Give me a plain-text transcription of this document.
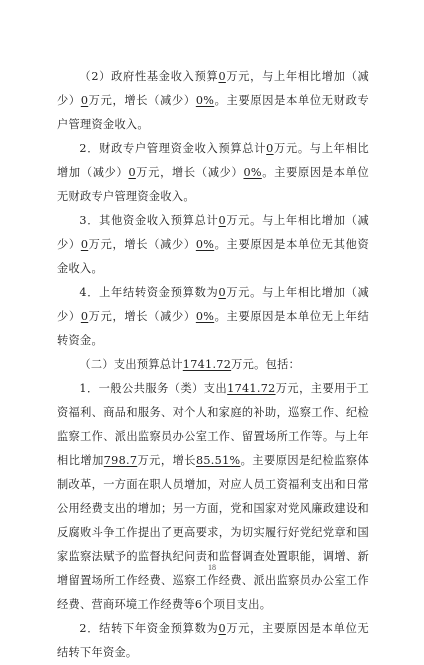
（2）政府性基金收入预算0万元，与上年相比增加（减少）0万元，增长（减少）0%。主要原因是本单位无财政专户管理资金收入。

2．财政专户管理资金收入预算总计0万元。与上年相比增加（减少）0万元，增长（减少）0%。主要原因是本单位无财政专户管理资金收入。

3．其他资金收入预算总计0万元。与上年相比增加（减少）0万元，增长（减少）0%。主要原因是本单位无其他资金收入。

4．上年结转资金预算数为0万元。与上年相比增加（减少）0万元，增长（减少）0%。主要原因是本单位无上年结转资金。

（二）支出预算总计1741.72万元。包括：

1．一般公共服务（类）支出1741.72万元，主要用于工资福利、商品和服务、对个人和家庭的补助，巡察工作、纪检监察工作、派出监察员办公室工作、留置场所工作等。与上年相比增加798.7万元，增长85.51%。主要原因是纪检监察体制改革，一方面在职人员增加，对应人员工资福利支出和日常公用经费支出的增加；另一方面，党和国家对党风廉政建设和反腐败斗争工作提出了更高要求，为切实履行好党纪党章和国家监察法赋予的监督执纪问责和监督调查处置职能，调增、新增留置场所工作经费、巡察工作经费、派出监察员办公室工作经费、营商环境工作经费等6个项目支出。

2．结转下年资金预算数为0万元，主要原因是本单位无结转下年资金。

18
